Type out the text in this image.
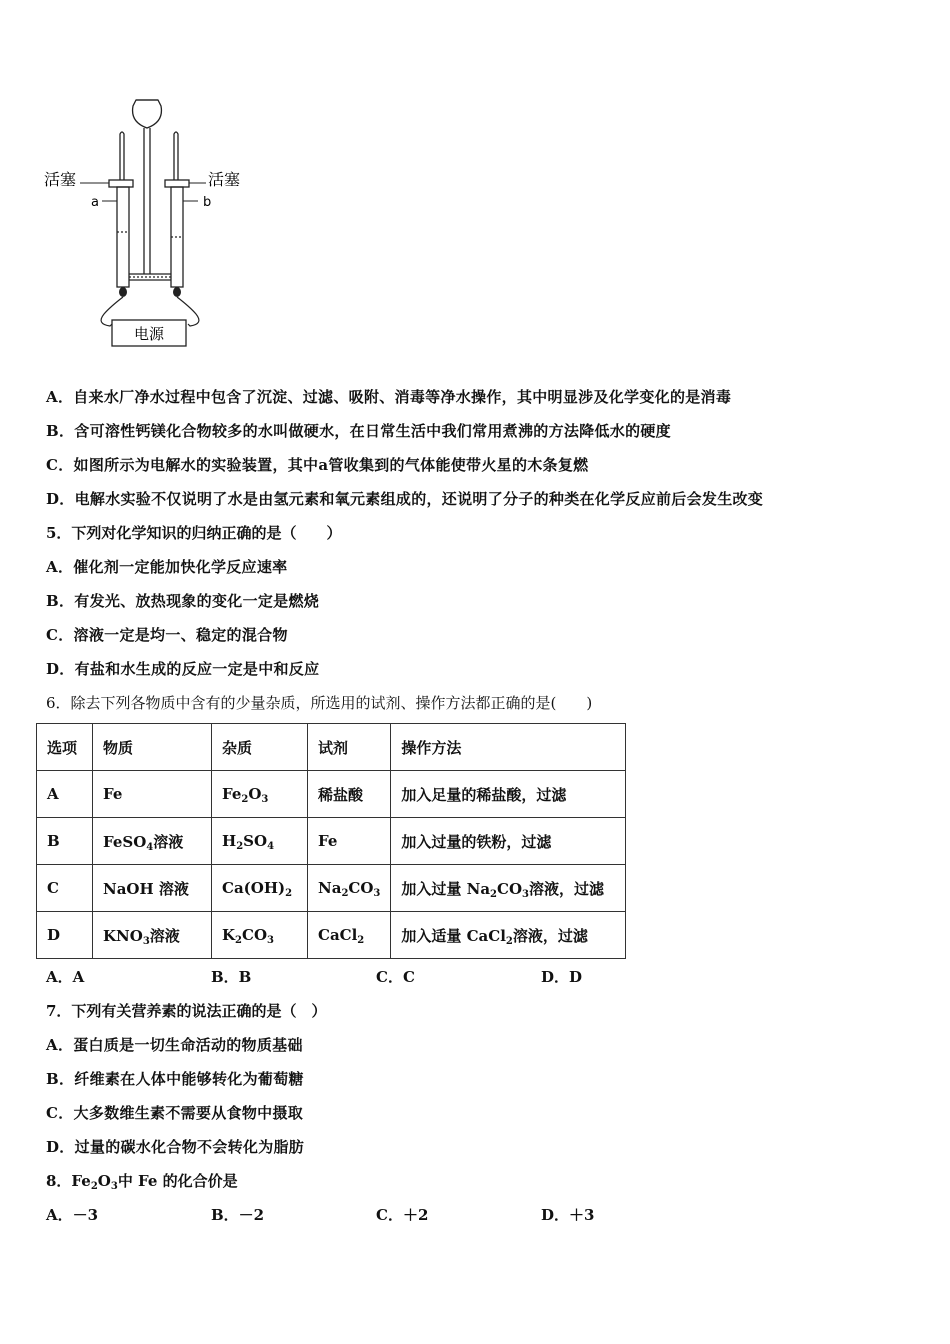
电源
活塞	活塞
a	b
A．自来水厂净水过程中包含了沉淀、过滤、吸附、消毒等净水操作，其中明显涉及化学变化的是消毒
B．含可溶性钙镁化合物较多的水叫做硬水，在日常生活中我们常用煮沸的方法降低水的硬度
C．如图所示为电解水的实验装置，其中a管收集到的气体能使带火星的木条复燃
D．电解水实验不仅说明了水是由氢元素和氧元素组成的，还说明了分子的种类在化学反应前后会发生改变
5．下列对化学知识的归纳正确的是（　　）
A．催化剂一定能加快化学反应速率
B．有发光、放热现象的变化一定是燃烧
C．溶液一定是均一、稳定的混合物
D．有盐和水生成的反应一定是中和反应
6．除去下列各物质中含有的少量杂质，所选用的试剂、操作方法都正确的是(　　)
选项	物质	杂质	试剂	操作方法
A	Fe	$Fe_2O_3$	稀盐酸	加入足量的稀盐酸，过滤
B	FeSO$_4$溶液	$H_2SO_4$	Fe	加入过量的铁粉，过滤
C	NaOH 溶液	$Ca(OH)_2$	$Na_2CO_3$	加入过量 $Na_2CO_3$溶液，过滤
D	$KNO_3$溶液	$K_2CO_3$	CaCl$_2$	加入适量 CaCl$_2$溶液，过滤
A．A	B．B	C．C	D．D
7．下列有关营养素的说法正确的是（　）
A．蛋白质是一切生命活动的物质基础
B．纤维素在人体中能够转化为葡萄糖
C．大多数维生素不需要从食物中摄取
D．过量的碳水化合物不会转化为脂肪
8．$Fe_2O_3$中 Fe 的化合价是
A．－3	B．－2	C．＋2	D．＋3
